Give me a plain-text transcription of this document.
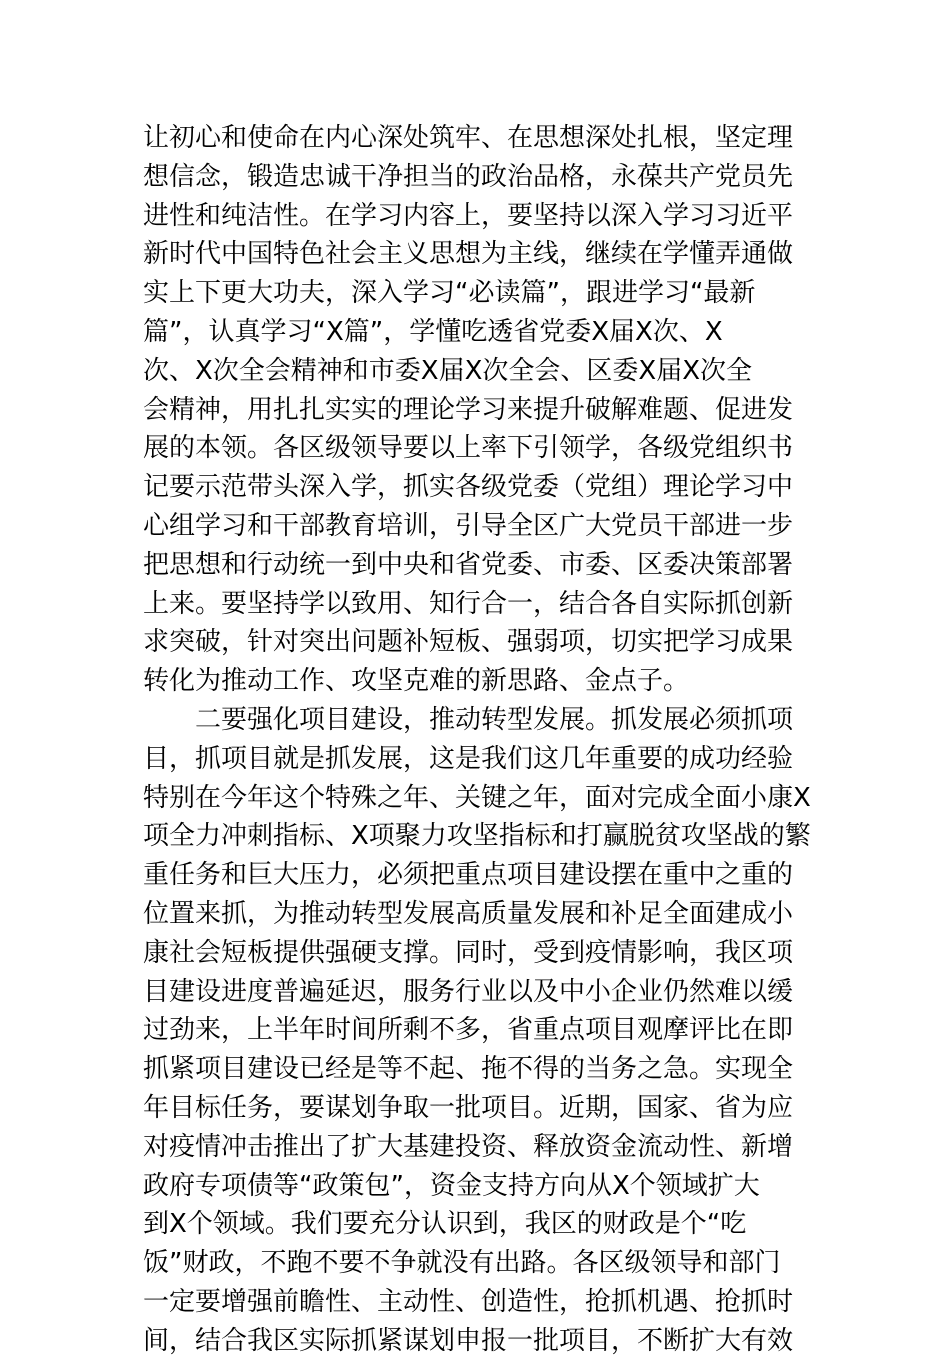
让初心和使命在内心深处筑牢、在思想深处扎根，坚定理
想信念，锻造忠诚干净担当的政治品格，永葆共产党员先
进性和纯洁性。在学习内容上，要坚持以深入学习习近平
新时代中国特色社会主义思想为主线，继续在学懂弄通做
实上下更大功夫，深入学习“必读篇”，跟进学习“最新
篇”，认真学习“X篇”，学懂吃透省党委X届X次、X
次、X次全会精神和市委X届X次全会、区委X届X次全
会精神，用扎扎实实的理论学习来提升破解难题、促进发
展的本领。各区级领导要以上率下引领学，各级党组织书
记要示范带头深入学，抓实各级党委（党组）理论学习中
心组学习和干部教育培训，引导全区广大党员干部进一步
把思想和行动统一到中央和省党委、市委、区委决策部署
上来。要坚持学以致用、知行合一，结合各自实际抓创新
求突破，针对突出问题补短板、强弱项，切实把学习成果
转化为推动工作、攻坚克难的新思路、金点子。
二要强化项目建设，推动转型发展。抓发展必须抓项
目，抓项目就是抓发展，这是我们这几年重要的成功经验
特别在今年这个特殊之年、关键之年，面对完成全面小康X
项全力冲刺指标、X项聚力攻坚指标和打赢脱贫攻坚战的繁
重任务和巨大压力，必须把重点项目建设摆在重中之重的
位置来抓，为推动转型发展高质量发展和补足全面建成小
康社会短板提供强硬支撑。同时，受到疫情影响，我区项
目建设进度普遍延迟，服务行业以及中小企业仍然难以缓
过劲来，上半年时间所剩不多，省重点项目观摩评比在即
抓紧项目建设已经是等不起、拖不得的当务之急。实现全
年目标任务，要谋划争取一批项目。近期，国家、省为应
对疫情冲击推出了扩大基建投资、释放资金流动性、新增
政府专项债等“政策包”，资金支持方向从X个领域扩大
到X个领域。我们要充分认识到，我区的财政是个“吃
饭”财政，不跑不要不争就没有出路。各区级领导和部门
一定要增强前瞻性、主动性、创造性，抢抓机遇、抢抓时
间，结合我区实际抓紧谋划申报一批项目，不断扩大有效
